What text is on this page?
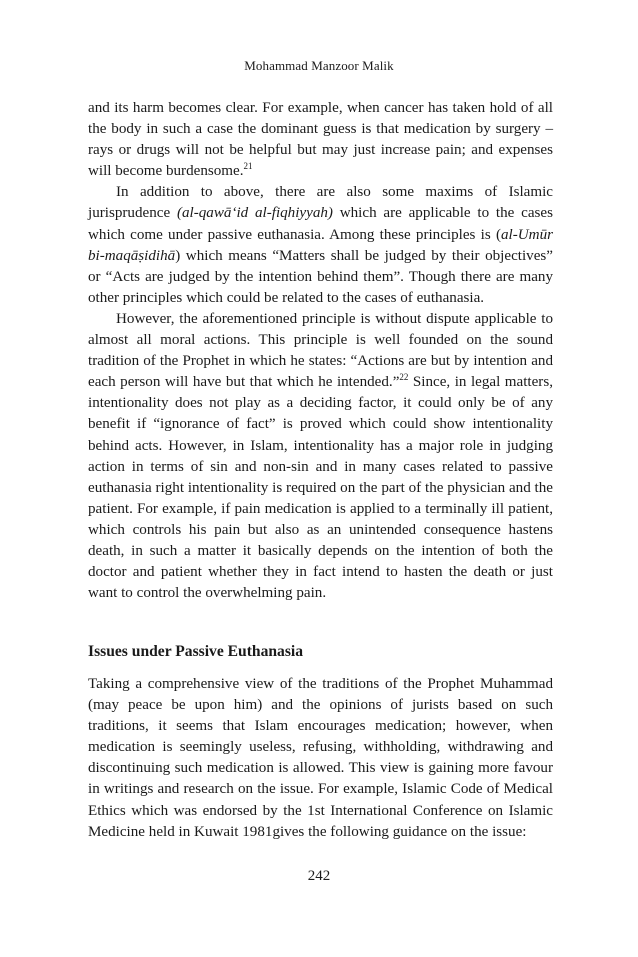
Mohammad Manzoor Malik

and its harm becomes clear. For example, when cancer has taken hold of all the body in such a case the dominant guess is that medication by surgery – rays or drugs will not be helpful but may just increase pain; and expenses will become burdensome.$^{21}$

In addition to above, there are also some maxims of Islamic jurisprudence (al-qawā‘id al-fiqhiyyah) which are applicable to the cases which come under passive euthanasia. Among these principles is (al-Umūr bi-maqāṣidihā) which means “Matters shall be judged by their objectives” or “Acts are judged by the intention behind them”. Though there are many other principles which could be related to the cases of euthanasia.

However, the aforementioned principle is without dispute applicable to almost all moral actions. This principle is well founded on the sound tradition of the Prophet in which he states: “Actions are but by intention and each person will have but that which he intended.”$^{22}$ Since, in legal matters, intentionality does not play as a deciding factor, it could only be of any benefit if “ignorance of fact” is proved which could show intentionality behind acts. However, in Islam, intentionality has a major role in judging action in terms of sin and non-sin and in many cases related to passive euthanasia right intentionality is required on the part of the physician and the patient. For example, if pain medication is applied to a terminally ill patient, which controls his pain but also as an unintended consequence hastens death, in such a matter it basically depends on the intention of both the doctor and patient whether they in fact intend to hasten the death or just want to control the overwhelming pain.

Issues under Passive Euthanasia

Taking a comprehensive view of the traditions of the Prophet Muhammad (may peace be upon him) and the opinions of jurists based on such traditions, it seems that Islam encourages medication; however, when medication is seemingly useless, refusing, withholding, withdrawing and discontinuing such medication is allowed. This view is gaining more favour in writings and research on the issue. For example, Islamic Code of Medical Ethics which was endorsed by the 1st International Conference on Islamic Medicine held in Kuwait 1981gives the following guidance on the issue:

242
